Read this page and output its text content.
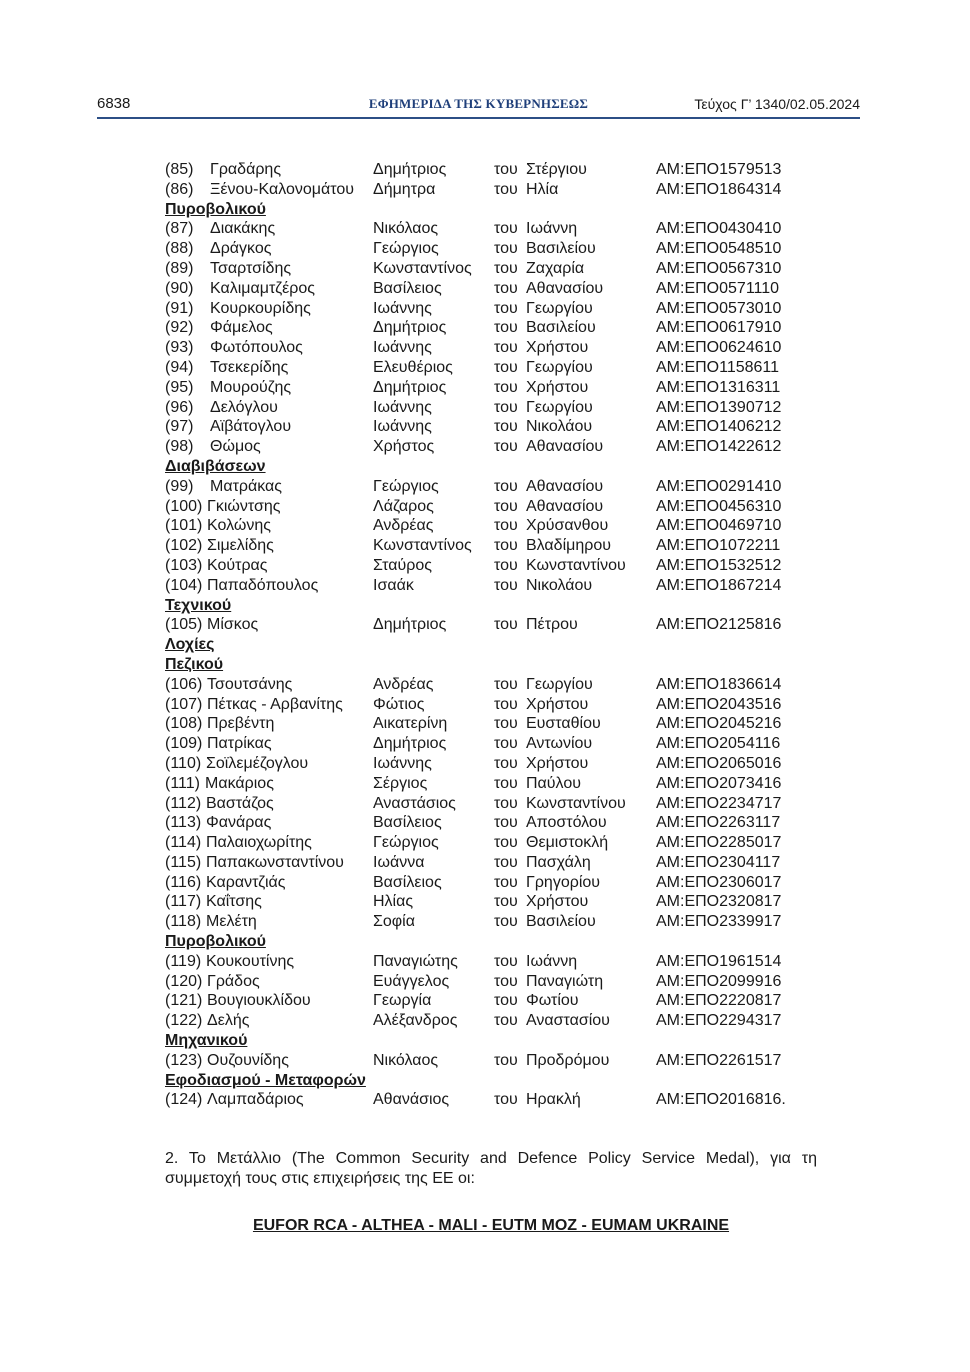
6838	ΕΦΗΜΕΡΙΔΑ ΤΗΣ ΚΥΒΕΡΝΗΣΕΩΣ	Τεύχος Γ’ 1340/02.05.2024
(85) Γραδάρης	Δημήτριος	του Στέργιου	ΑΜ:ΕΠΟ1579513
(86) Ξένου-Καλονομάτου Δήμητρα	του Ηλία	ΑΜ:ΕΠΟ1864314
Πυροβολικού
(87) Διακάκης	Νικόλαος	του Ιωάννη	ΑΜ:ΕΠΟ0430410
(88) Δράγκος	Γεώργιος	του Βασιλείου	ΑΜ:ΕΠΟ0548510
(89) Τσαρτσίδης	Κωνσταντίνος του Ζαχαρία	ΑΜ:ΕΠΟ0567310
(90) Καλιμαμτζέρος	Βασίλειος	του Αθανασίου	ΑΜ:ΕΠΟ0571110
(91) Κουρκουρίδης	Ιωάννης	του Γεωργίου	ΑΜ:ΕΠΟ0573010
(92) Φάμελος	Δημήτριος	του Βασιλείου	ΑΜ:ΕΠΟ0617910
(93) Φωτόπουλος	Ιωάννης	του Χρήστου	ΑΜ:ΕΠΟ0624610
(94) Τσεκερίδης	Ελευθέριος	του Γεωργίου	ΑΜ:ΕΠΟ1158611
(95) Μουρούζης	Δημήτριος	του Χρήστου	ΑΜ:ΕΠΟ1316311
(96) Δελόγλου	Ιωάννης	του Γεωργίου	ΑΜ:ΕΠΟ1390712
(97) Αϊβάτογλου	Ιωάννης	του Νικολάου	ΑΜ:ΕΠΟ1406212
(98) Θώμος	Χρήστος	του Αθανασίου	ΑΜ:ΕΠΟ1422612
Διαβιβάσεων
(99) Ματράκας	Γεώργιος	του Αθανασίου	ΑΜ:ΕΠΟ0291410
(100) Γκιώντσης	Λάζαρος	του Αθανασίου	ΑΜ:ΕΠΟ0456310
(101) Κολώνης	Ανδρέας	του Χρύσανθου	ΑΜ:ΕΠΟ0469710
(102) Σιμελίδης	Κωνσταντίνος του Βλαδίμηρου	ΑΜ:ΕΠΟ1072211
(103) Κούτρας	Σταύρος	του Κωνσταντίνου ΑΜ:ΕΠΟ1532512
(104) Παπαδόπουλος	Ισαάκ	του Νικολάου	ΑΜ:ΕΠΟ1867214
Τεχνικού
(105) Μίσκος	Δημήτριος	του Πέτρου	ΑΜ:ΕΠΟ2125816
Λοχίες
Πεζικού
(106) Τσουτσάνης	Ανδρέας	του Γεωργίου	ΑΜ:ΕΠΟ1836614
(107) Πέτκας - Αρβανίτης Φώτιος	του Χρήστου	ΑΜ:ΕΠΟ2043516
(108) Πρεβέντη	Αικατερίνη	του Ευσταθίου	ΑΜ:ΕΠΟ2045216
(109) Πατρίκας	Δημήτριος	του Αντωνίου	ΑΜ:ΕΠΟ2054116
(110) Σοϊλεμέζογλου	Ιωάννης	του Χρήστου	ΑΜ:ΕΠΟ2065016
(111) Μακάριος	Σέργιος	του Παύλου	ΑΜ:ΕΠΟ2073416
(112) Βαστάζος	Αναστάσιος του Κωνσταντίνου ΑΜ:ΕΠΟ2234717
(113) Φανάρας	Βασίλειος	του Αποστόλου	ΑΜ:ΕΠΟ2263117
(114) Παλαιοχωρίτης	Γεώργιος	του Θεμιστοκλή	ΑΜ:ΕΠΟ2285017
(115) Παπακωνσταντίνου Ιωάννα	του Πασχάλη	ΑΜ:ΕΠΟ2304117
(116) Καραντζιάς	Βασίλειος	του Γρηγορίου	ΑΜ:ΕΠΟ2306017
(117) Καΐτσης	Ηλίας	του Χρήστου	ΑΜ:ΕΠΟ2320817
(118) Μελέτη	Σοφία	του Βασιλείου	ΑΜ:ΕΠΟ2339917
Πυροβολικού
(119) Κουκουτίνης	Παναγιώτης του Ιωάννη	ΑΜ:ΕΠΟ1961514
(120) Γράδος	Ευάγγελος	του Παναγιώτη	ΑΜ:ΕΠΟ2099916
(121) Βουγιουκλίδου	Γεωργία	του Φωτίου	ΑΜ:ΕΠΟ2220817
(122) Δελής	Αλέξανδρος του Αναστασίου	ΑΜ:ΕΠΟ2294317
Μηχανικού
(123) Ουζουνίδης	Νικόλαος	του Προδρόμου	ΑΜ:ΕΠΟ2261517
Εφοδιασμού - Μεταφορών
(124) Λαμπαδάριος	Αθανάσιος	του Ηρακλή	ΑΜ:ΕΠΟ2016816.
2. Το Μετάλλιο (The Common Security and Defence Policy Service Medal), για τη συμμετοχή τους στις επιχειρήσεις της ΕΕ οι:
EUFOR RCA - ALTHEA - MALI - EUTM MOZ - EUMAM UKRAINE
